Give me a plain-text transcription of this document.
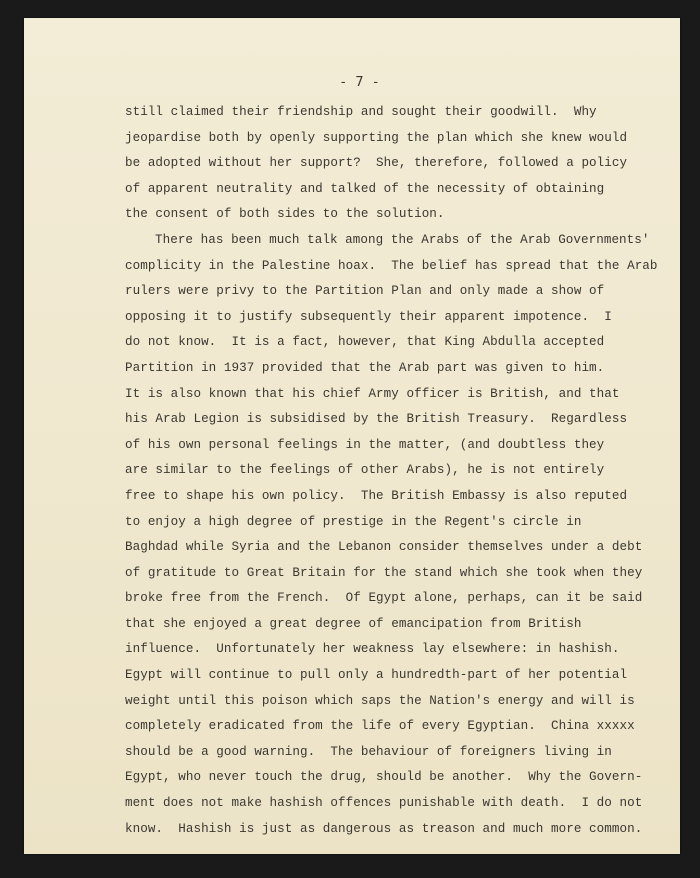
- 7 -
still claimed their friendship and sought their goodwill.  Why
jeopardise both by openly supporting the plan which she knew would
be adopted without her support?  She, therefore, followed a policy
of apparent neutrality and talked of the necessity of obtaining
the consent of both sides to the solution.
There has been much talk among the Arabs of the Arab Governments'
complicity in the Palestine hoax.  The belief has spread that the Arab
rulers were privy to the Partition Plan and only made a show of
opposing it to justify subsequently their apparent impotence.  I
do not know.  It is a fact, however, that King Abdulla accepted
Partition in 1937 provided that the Arab part was given to him.
It is also known that his chief Army officer is British, and that
his Arab Legion is subsidised by the British Treasury.  Regardless
of his own personal feelings in the matter, (and doubtless they
are similar to the feelings of other Arabs), he is not entirely
free to shape his own policy.  The British Embassy is also reputed
to enjoy a high degree of prestige in the Regent's circle in
Baghdad while Syria and the Lebanon consider themselves under a debt
of gratitude to Great Britain for the stand which she took when they
broke free from the French.  Of Egypt alone, perhaps, can it be said
that she enjoyed a great degree of emancipation from British
influence.  Unfortunately her weakness lay elsewhere: in hashish.
Egypt will continue to pull only a hundredth-part of her potential
weight until this poison which saps the Nation's energy and will is
completely eradicated from the life of every Egyptian.  China xxxxx
should be a good warning.  The behaviour of foreigners living in
Egypt, who never touch the drug, should be another.  Why the Govern-
ment does not make hashish offences punishable with death.  I do not
know.  Hashish is just as dangerous as treason and much more common.
